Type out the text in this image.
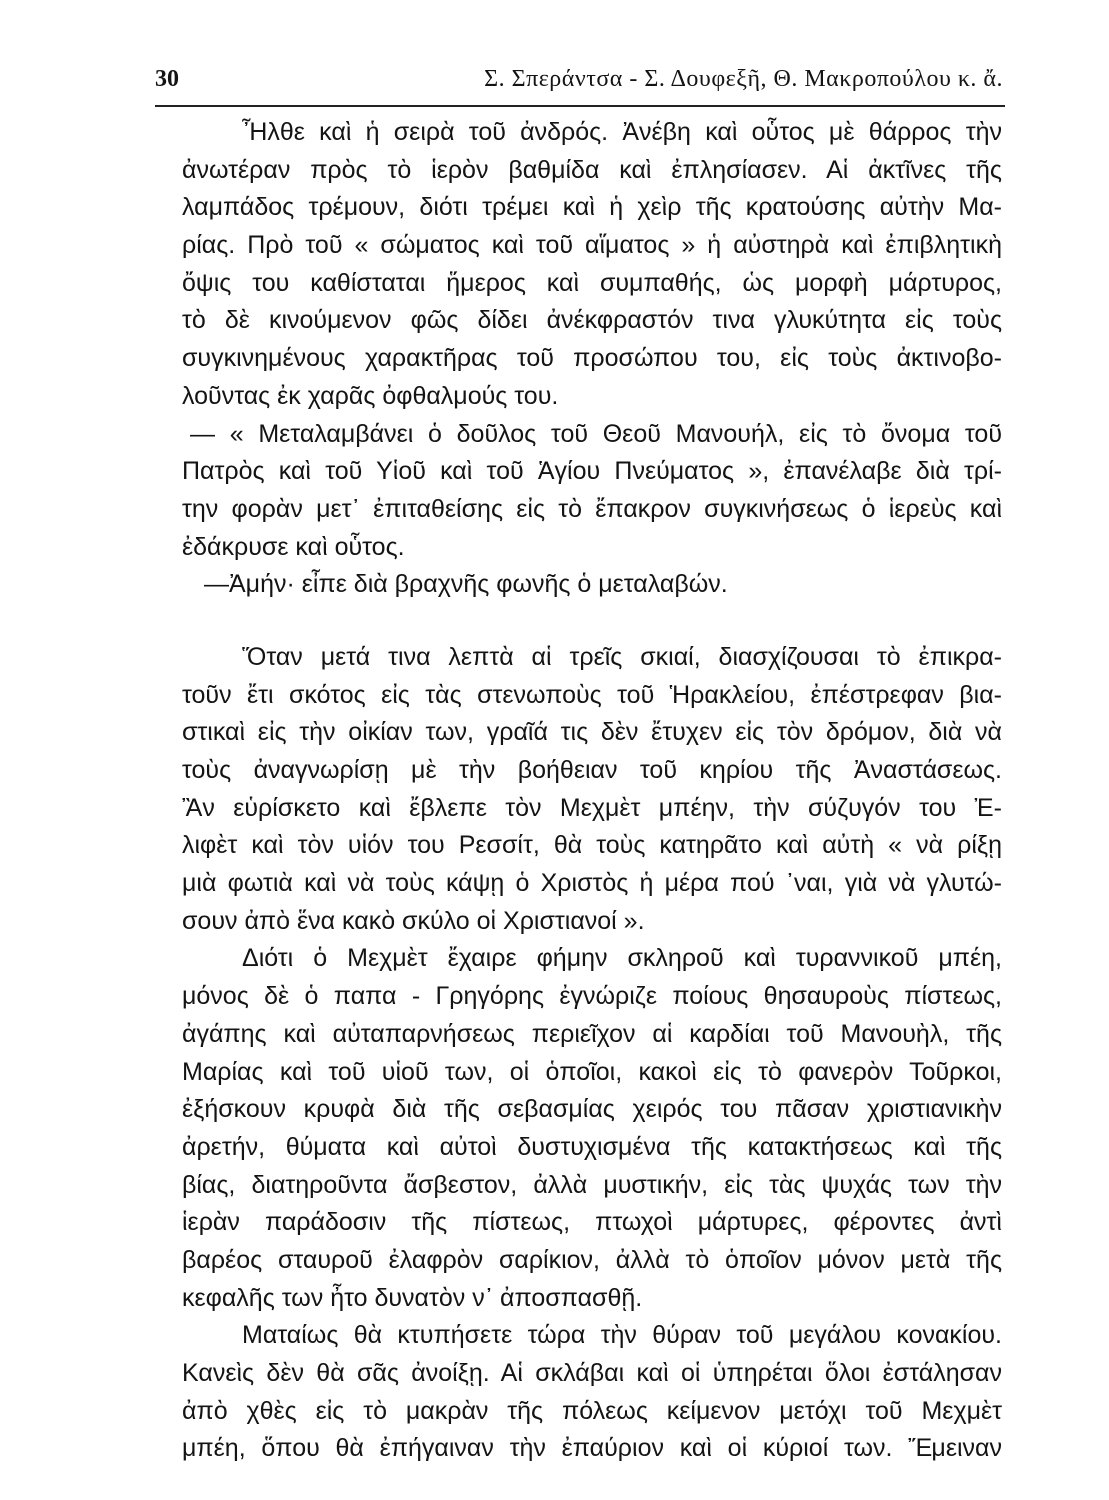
30	Σ. Σπεράντσα - Σ. Δουφεξῆ, Θ. Μακροπούλου κ. ἄ.
Ἦλθε καὶ ἡ σειρὰ τοῦ ἀνδρός. Ἀνέβη καὶ οὗτος μὲ θάρρος τὴν
ἀνωτέραν πρὸς τὸ ἱερὸν βαθμίδα καὶ ἐπλησίασεν. Αἱ ἀκτῖνες τῆς
λαμπάδος τρέμουν, διότι τρέμει καὶ ἡ χεὶρ τῆς κρατούσης αὐτὴν Μα-
ρίας. Πρὸ τοῦ « σώματος καὶ τοῦ αἵματος » ἡ αὐστηρὰ καὶ ἐπιβλητικὴ
ὄψις του καθίσταται ἥμερος καὶ συμπαθής, ὡς μορφὴ μάρτυρος,
τὸ δὲ κινούμενον φῶς δίδει ἀνέκφραστόν τινα γλυκύτητα εἰς τοὺς
συγκινημένους χαρακτῆρας τοῦ προσώπου του, εἰς τοὺς ἀκτινοβο-
λοῦντας ἐκ χαρᾶς ὀφθαλμούς του.
— « Μεταλαμβάνει ὁ δοῦλος τοῦ Θεοῦ Μανουήλ, εἰς τὸ ὄνομα τοῦ
Πατρὸς καὶ τοῦ Υἱοῦ καὶ τοῦ Ἁγίου Πνεύματος », ἐπανέλαβε διὰ τρί-
την φορὰν μετ᾽ ἐπιταθείσης εἰς τὸ ἔπακρον συγκινήσεως ὁ ἱερεὺς καὶ
ἐδάκρυσε καὶ οὗτος.
—Ἀμήν· εἶπε διὰ βραχνῆς φωνῆς ὁ μεταλαβών.
Ὅταν μετά τινα λεπτὰ αἱ τρεῖς σκιαί, διασχίζουσαι τὸ ἐπικρα-
τοῦν ἔτι σκότος εἰς τὰς στενωποὺς τοῦ Ἡρακλείου, ἐπέστρεφαν βια-
στικαὶ εἰς τὴν οἰκίαν των, γραῖά τις δὲν ἔτυχεν εἰς τὸν δρόμον, διὰ νὰ
τοὺς ἀναγνωρίσῃ μὲ τὴν βοήθειαν τοῦ κηρίου τῆς Ἀναστάσεως.
Ἂν εὑρίσκετο καὶ ἔβλεπε τὸν Μεχμὲτ μπέην, τὴν σύζυγόν του Ἐ-
λιφὲτ καὶ τὸν υἱόν του Ρεσσίτ, θὰ τοὺς κατηρᾶτο καὶ αὐτὴ « νὰ ρίξῃ
μιὰ φωτιὰ καὶ νὰ τοὺς κάψῃ ὁ Χριστὸς ἡ μέρα πού ᾽ναι, γιὰ νὰ γλυτώ-
σουν ἀπὸ ἕνα κακὸ σκύλο οἱ Χριστιανοί ».
Διότι ὁ Μεχμὲτ ἔχαιρε φήμην σκληροῦ καὶ τυραννικοῦ μπέη,
μόνος δὲ ὁ παπα - Γρηγόρης ἐγνώριζε ποίους θησαυροὺς πίστεως,
ἀγάπης καὶ αὐταπαρνήσεως περιεῖχον αἱ καρδίαι τοῦ Μανουὴλ, τῆς
Μαρίας καὶ τοῦ υἱοῦ των, οἱ ὁποῖοι, κακοὶ εἰς τὸ φανερὸν Τοῦρκοι,
ἐξήσκουν κρυφὰ διὰ τῆς σεβασμίας χειρός του πᾶσαν χριστιανικὴν
ἀρετήν, θύματα καὶ αὐτοὶ δυστυχισμένα τῆς κατακτήσεως καὶ τῆς
βίας, διατηροῦντα ἄσβεστον, ἀλλὰ μυστικήν, εἰς τὰς ψυχάς των τὴν
ἱερὰν παράδοσιν τῆς πίστεως, πτωχοὶ μάρτυρες, φέροντες ἀντὶ
βαρέος σταυροῦ ἐλαφρὸν σαρίκιον, ἀλλὰ τὸ ὁποῖον μόνον μετὰ τῆς
κεφαλῆς των ἦτο δυνατὸν ν᾽ ἀποσπασθῇ.
Ματαίως θὰ κτυπήσετε τώρα τὴν θύραν τοῦ μεγάλου κονακίου.
Κανεὶς δὲν θὰ σᾶς ἀνοίξῃ. Αἱ σκλάβαι καὶ οἱ ὑπηρέται ὅλοι ἐστάλησαν
ἀπὸ χθὲς εἰς τὸ μακρὰν τῆς πόλεως κείμενον μετόχι τοῦ Μεχμὲτ
μπέη, ὅπου θὰ ἐπήγαιναν τὴν ἐπαύριον καὶ οἱ κύριοί των. Ἔμειναν
